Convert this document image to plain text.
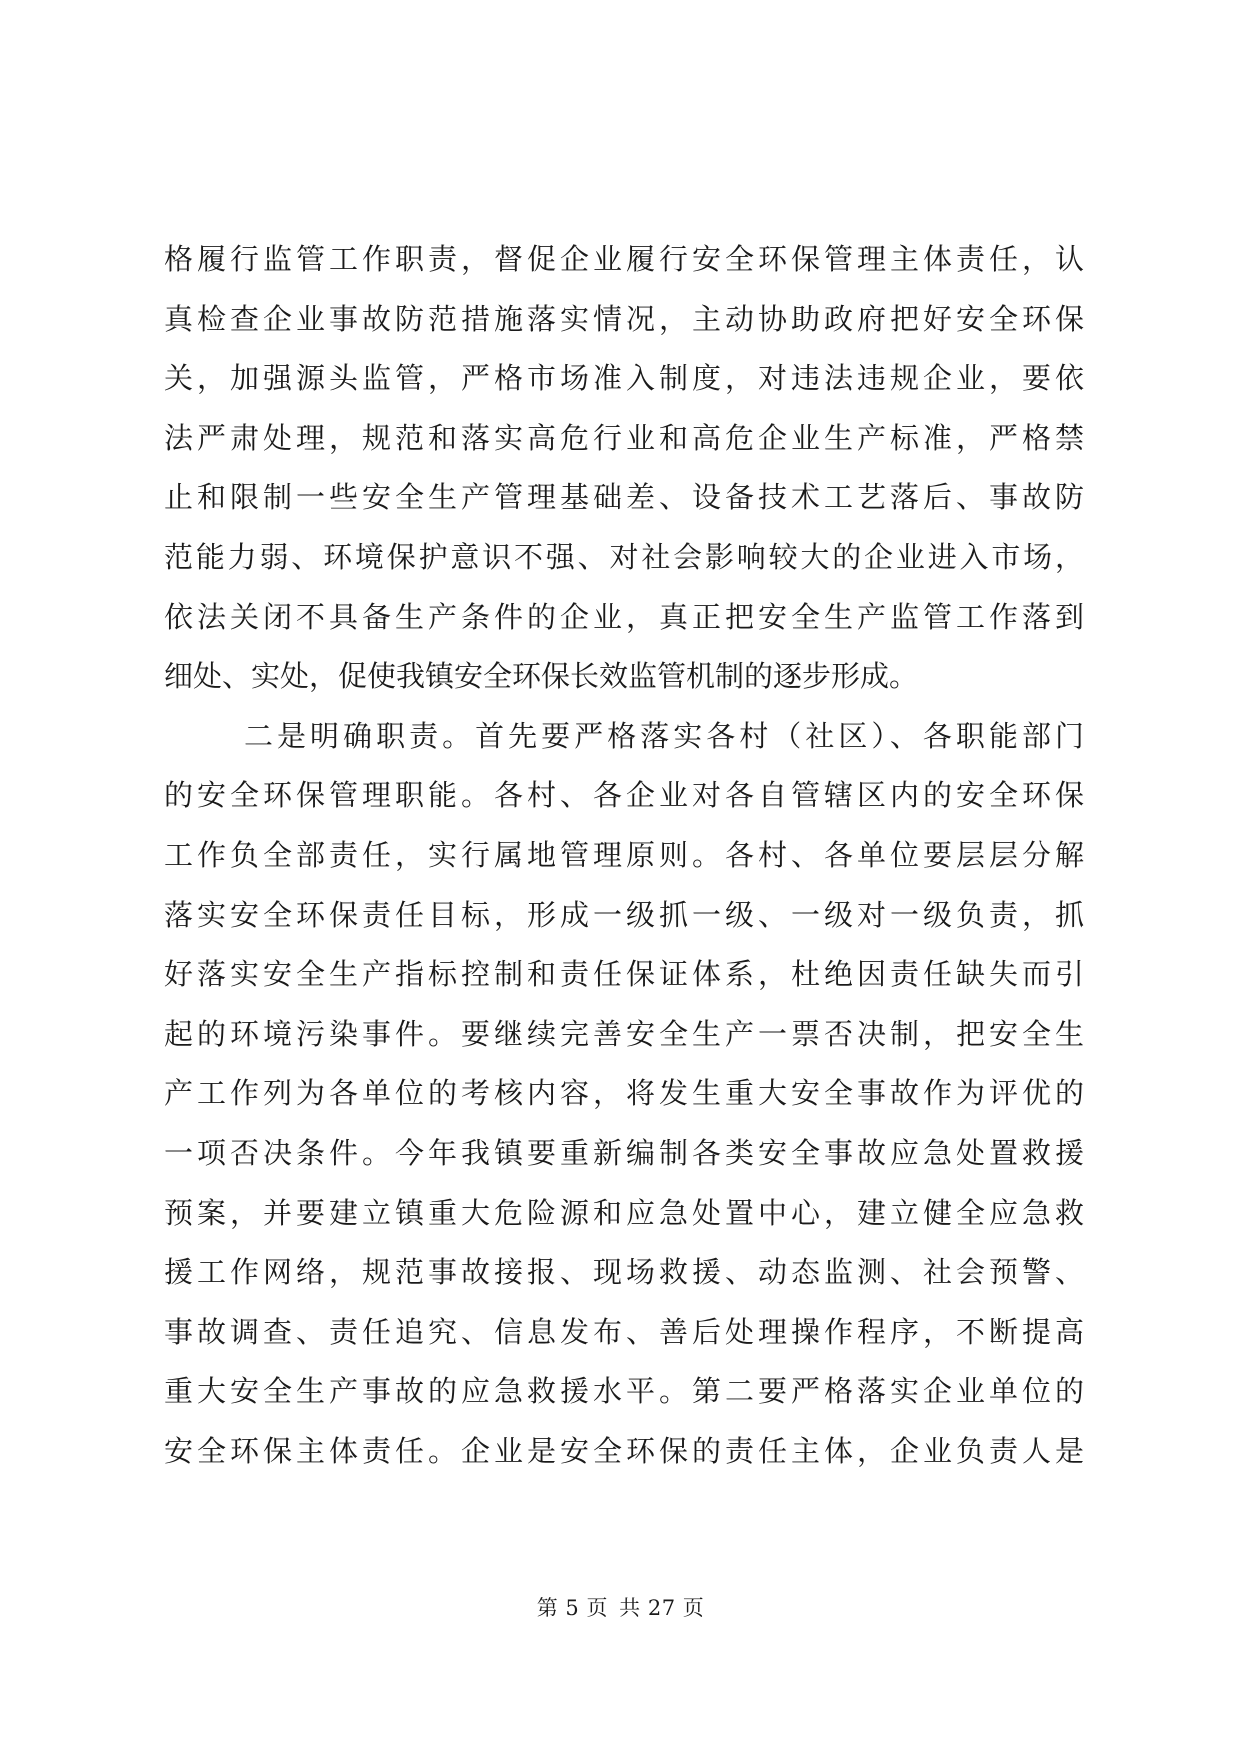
格履行监管工作职责，督促企业履行安全环保管理主体责任，认
真检查企业事故防范措施落实情况，主动协助政府把好安全环保
关，加强源头监管，严格市场准入制度，对违法违规企业，要依
法严肃处理，规范和落实高危行业和高危企业生产标准，严格禁
止和限制一些安全生产管理基础差、设备技术工艺落后、事故防
范能力弱、环境保护意识不强、对社会影响较大的企业进入市场，
依法关闭不具备生产条件的企业，真正把安全生产监管工作落到
细处、实处，促使我镇安全环保长效监管机制的逐步形成。
二是明确职责。首先要严格落实各村（社区）、各职能部门
的安全环保管理职能。各村、各企业对各自管辖区内的安全环保
工作负全部责任，实行属地管理原则。各村、各单位要层层分解
落实安全环保责任目标，形成一级抓一级、一级对一级负责，抓
好落实安全生产指标控制和责任保证体系，杜绝因责任缺失而引
起的环境污染事件。要继续完善安全生产一票否决制，把安全生
产工作列为各单位的考核内容，将发生重大安全事故作为评优的
一项否决条件。今年我镇要重新编制各类安全事故应急处置救援
预案，并要建立镇重大危险源和应急处置中心，建立健全应急救
援工作网络，规范事故接报、现场救援、动态监测、社会预警、
事故调查、责任追究、信息发布、善后处理操作程序，不断提高
重大安全生产事故的应急救援水平。第二要严格落实企业单位的
安全环保主体责任。企业是安全环保的责任主体，企业负责人是
第 5 页 共 27 页
